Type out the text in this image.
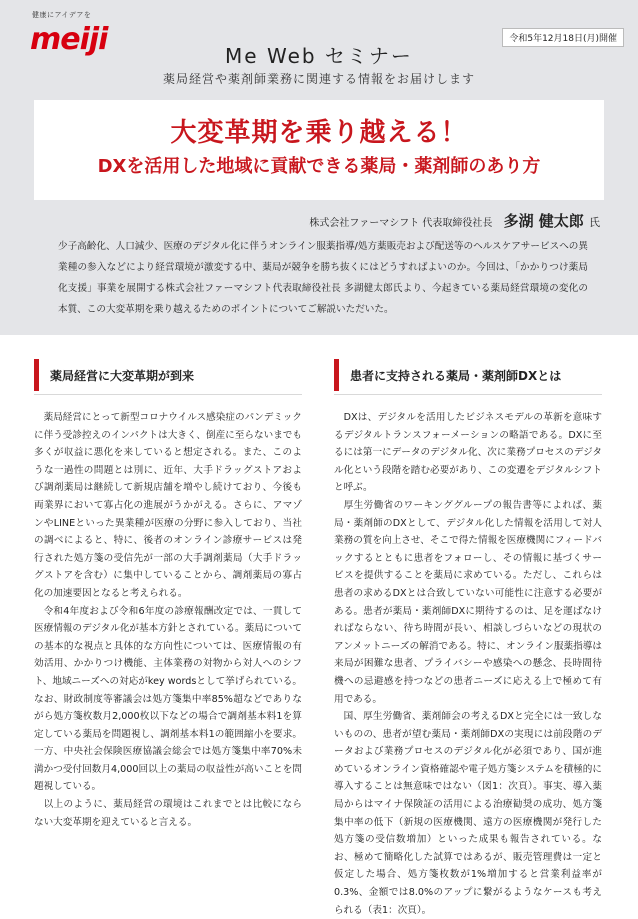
健康にアイデアを
meiji	令和5年12月18日(月)開催
Me Web セミナー
薬局経営や薬剤師業務に関連する情報をお届けします
大変革期を乗り越える！
DXを活用した地域に貢献できる薬局・薬剤師のあり方
株式会社ファーマシフト 代表取締役社長 多湖 健太郎 氏
少子高齢化、人口減少、医療のデジタル化に伴うオンライン服薬指導/処方薬販売および配送等のヘルスケアサービスへの異業種の参入などにより経営環境が激変する中、薬局が競争を勝ち抜くにはどうすればよいのか。今回は、「かかりつけ薬局化支援」事業を展開する株式会社ファーマシフト代表取締役社長 多湖健太郎氏より、今起きている薬局経営環境の変化の本質、この大変革期を乗り越えるためのポイントについてご解説いただいた。
薬局経営に大変革期が到来

薬局経営にとって新型コロナウイルス感染症のパンデミックに伴う受診控えのインパクトは大きく、倒産に至らないまでも多くが収益に悪化を来していると想定される。また、このような一過性の問題とは別に、近年、大手ドラッグストアおよび調剤薬局は継続して新規店舗を増やし続けており、今後も両業界において寡占化の進展がうかがえる。さらに、アマゾンやLINEといった異業種が医療の分野に参入しており、当社の調べによると、特に、後者のオンライン診療サービスは発行された処方箋の受信先が一部の大手調剤薬局（大手ドラッグストアを含む）に集中していることから、調剤薬局の寡占化の加速要因となると考えられる。

令和4年度および令和6年度の診療報酬改定では、一貫して医療情報のデジタル化が基本方針とされている。薬局についての基本的な視点と具体的な方向性については、医療情報の有効活用、かかりつけ機能、主体業務の対物から対人へのシフト、地域ニーズへの対応がkey wordsとして挙げられている。なお、財政制度等審議会は処方箋集中率85%超などでありながら処方箋枚数月2,000枚以下などの場合で調剤基本料1を算定している薬局を問題視し、調剤基本料1の範囲縮小を要求。一方、中央社会保険医療協議会総会では処方箋集中率70%未満かつ受付回数月4,000回以上の薬局の収益性が高いことを問題視している。

以上のように、薬局経営の環境はこれまでとは比較にならない大変革期を迎えていると言える。

患者に支持される薬局・薬剤師DXとは

DXは、デジタルを活用したビジネスモデルの革新を意味するデジタルトランスフォーメーションの略語である。DXに至るには第一にデータのデジタル化、次に業務プロセスのデジタル化という段階を踏む必要があり、この変遷をデジタルシフトと呼ぶ。

厚生労働省のワーキンググループの報告書等によれば、薬局・薬剤師のDXとして、デジタル化した情報を活用して対人業務の質を向上させ、そこで得た情報を医療機関にフィードバックするとともに患者をフォローし、その情報に基づくサービスを提供することを薬局に求めている。ただし、これらは患者の求めるDXとは合致していない可能性に注意する必要がある。患者が薬局・薬剤師DXに期待するのは、足を運ばなければならない、待ち時間が長い、相談しづらいなどの現状のアンメットニーズの解消である。特に、オンライン服薬指導は来局が困難な患者、プライバシーや感染への懸念、長時間待機への忌避感を持つなどの患者ニーズに応える上で極めて有用である。

国、厚生労働省、薬剤師会の考えるDXと完全には一致しないものの、患者が望む薬局・薬剤師DXの実現には前段階のデータおよび業務プロセスのデジタル化が必須であり、国が進めているオンライン資格確認や電子処方箋システムを積極的に導入することは無意味ではない（図1：次頁）。事実、導入薬局からはマイナ保険証の活用による治療勧奨の成功、処方箋集中率の低下（新規の医療機関、遠方の医療機関が発行した処方箋の受信数増加）といった成果も報告されている。なお、極めて簡略化した試算ではあるが、販売管理費は一定と仮定した場合、処方箋枚数が1%増加すると営業利益率が0.3%、金額では8.0%のアップに繋がるようなケースも考えられる（表1：次頁）。
